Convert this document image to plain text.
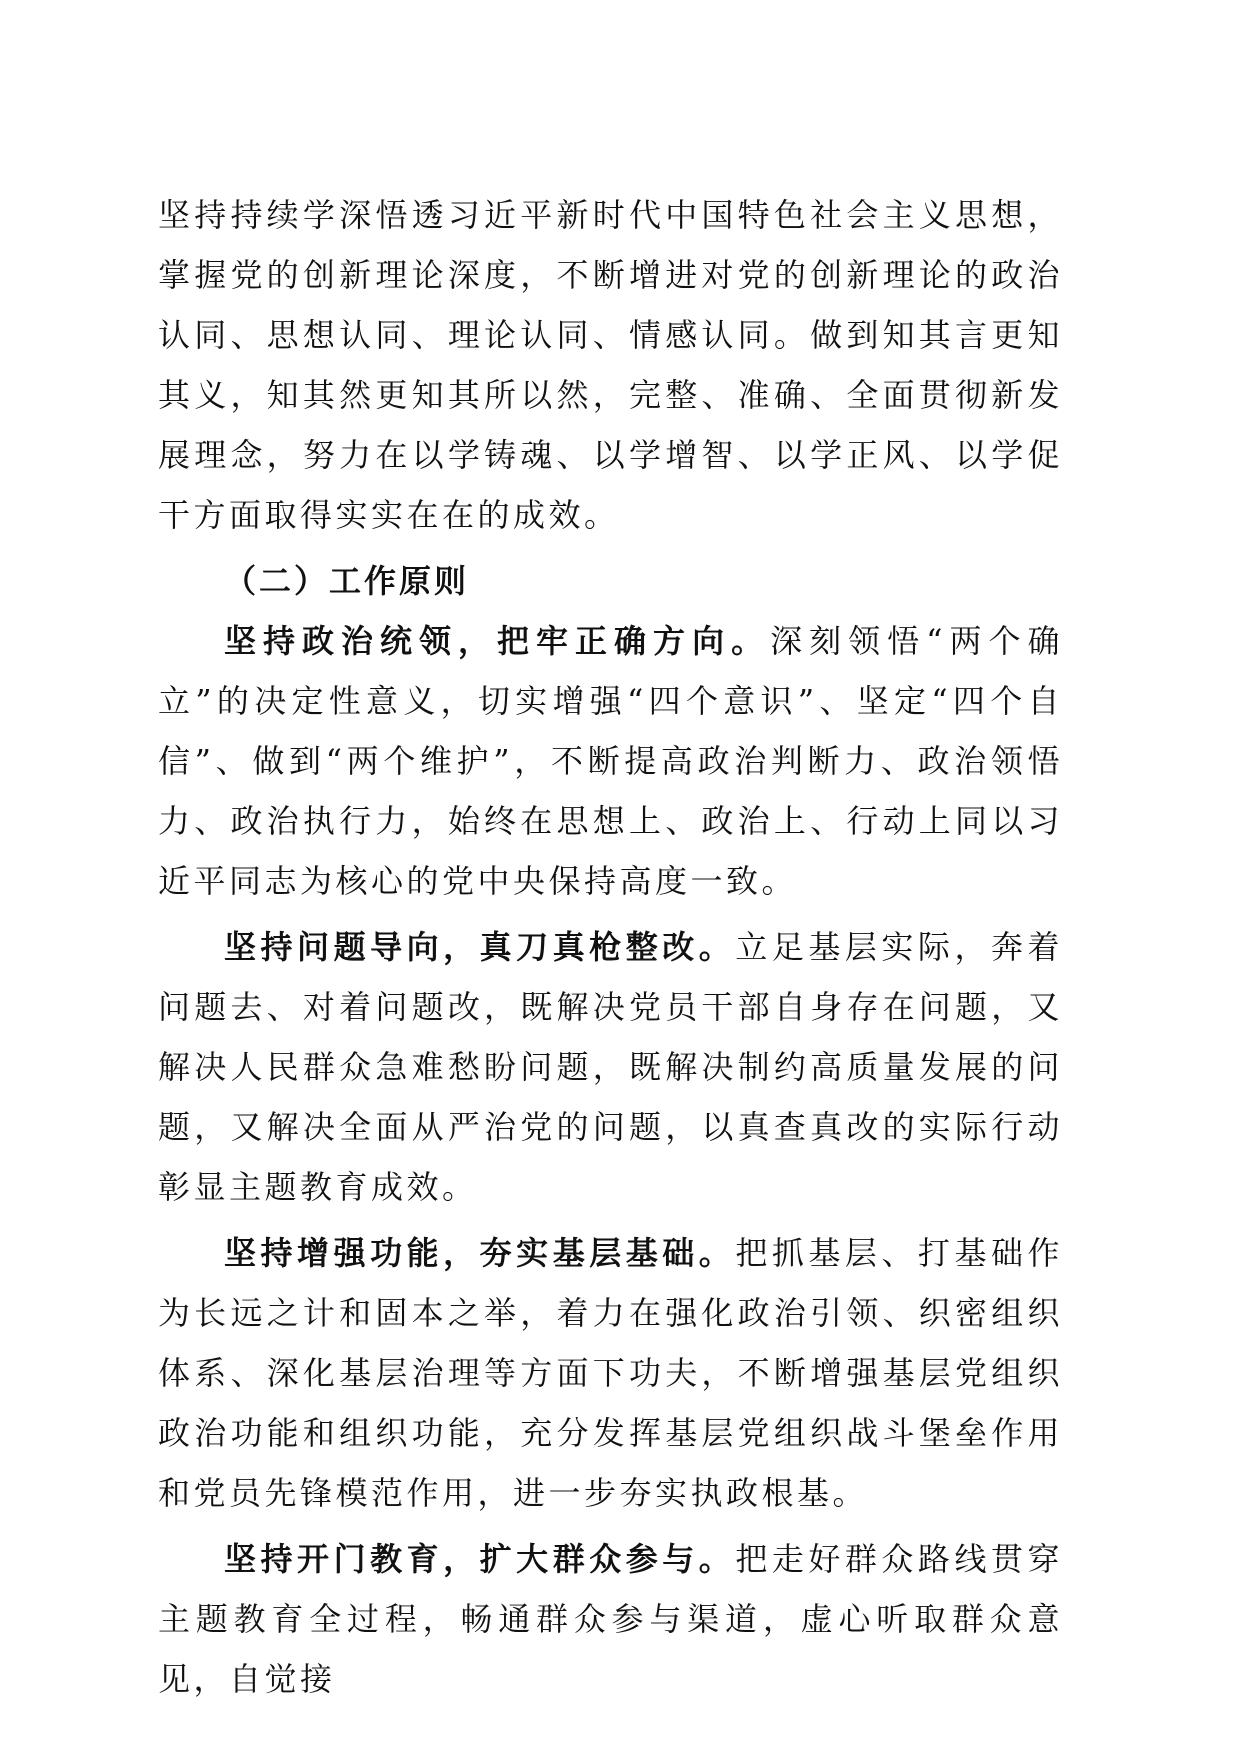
坚持持续学深悟透习近平新时代中国特色社会主义思想，掌握党的创新理论深度，不断增进对党的创新理论的政治认同、思想认同、理论认同、情感认同。做到知其言更知其义，知其然更知其所以然，完整、准确、全面贯彻新发展理念，努力在以学铸魂、以学增智、以学正风、以学促干方面取得实实在在的成效。

（二）工作原则

坚持政治统领，把牢正确方向。深刻领悟“两个确立”的决定性意义，切实增强“四个意识”、坚定“四个自信”、做到“两个维护”，不断提高政治判断力、政治领悟力、政治执行力，始终在思想上、政治上、行动上同以习近平同志为核心的党中央保持高度一致。

坚持问题导向，真刀真枪整改。立足基层实际，奔着问题去、对着问题改，既解决党员干部自身存在问题，又解决人民群众急难愁盼问题，既解决制约高质量发展的问题，又解决全面从严治党的问题，以真查真改的实际行动彰显主题教育成效。

坚持增强功能，夯实基层基础。把抓基层、打基础作为长远之计和固本之举，着力在强化政治引领、织密组织体系、深化基层治理等方面下功夫，不断增强基层党组织政治功能和组织功能，充分发挥基层党组织战斗堡垒作用和党员先锋模范作用，进一步夯实执政根基。

坚持开门教育，扩大群众参与。把走好群众路线贯穿主题教育全过程，畅通群众参与渠道，虚心听取群众意见，自觉接
